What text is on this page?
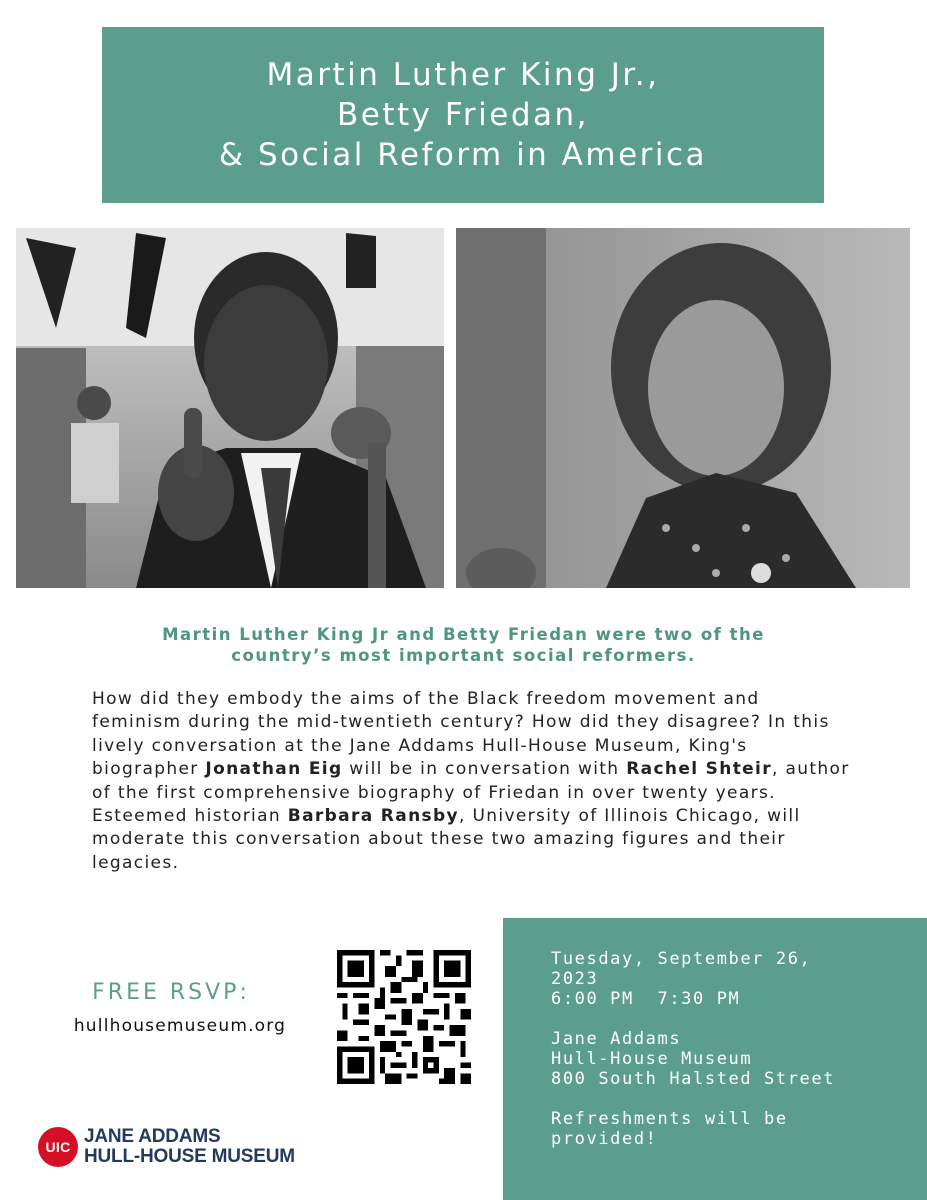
Martin Luther King Jr.,
Betty Friedan,
& Social Reform in America
Martin Luther King Jr and Betty Friedan were two of the
country’s most important social reformers.
How did they embody the aims of the Black freedom movement and feminism during the mid-twentieth century? How did they disagree? In this lively conversation at the Jane Addams Hull-House Museum, King's biographer Jonathan Eig will be in conversation with Rachel Shteir, author of the first comprehensive biography of Friedan in over twenty years. Esteemed historian Barbara Ransby, University of Illinois Chicago, will moderate this conversation about these two amazing figures and their legacies.
FREE RSVP:
hullhousemuseum.org
UIC JANE ADDAMS
HULL-HOUSE MUSEUM
Tuesday, September 26,
2023
6:00 PM  7:30 PM
Jane Addams
Hull-House Museum
800 South Halsted Street
Refreshments will be
provided!
